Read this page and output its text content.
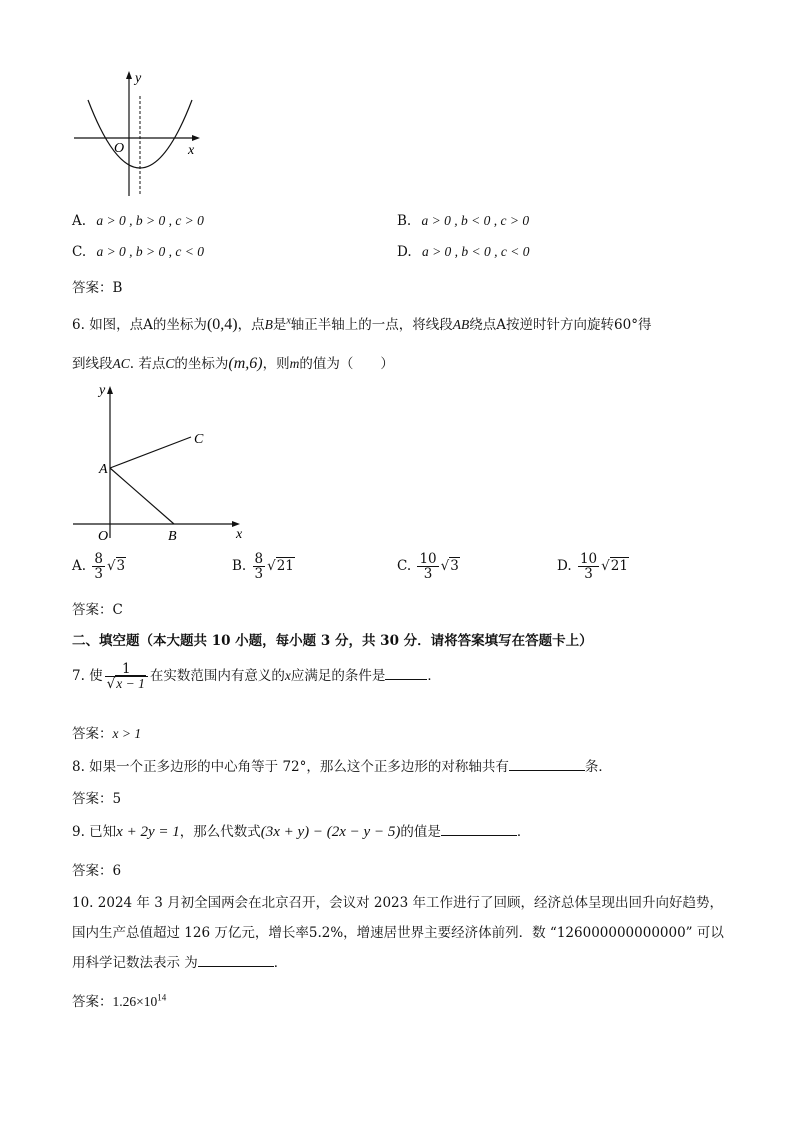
y
x
O
A. a > 0 , b > 0 , c > 0	B. a > 0 , b < 0 , c > 0
C. a > 0 , b > 0 , c < 0	D. a > 0 , b < 0 , c < 0
答案：B
6. 如图，点A的坐标为(0,4)，点B是$^x$轴正半轴上的一点，将线段AB绕点A按逆时针方向旋转60°得
到线段AC. 若点C的坐标为(m,6)，则m的值为（　　）
y
x
O
A
B
C
A. $\frac{8}{3} √3$	B. $\frac{8}{3} √21$	C. $\frac{10}{3} √3$	D. $\frac{10}{3} √21$
答案：C
二、填空题（本大题共 10 小题，每小题 3 分，共 30 分．请将答案填写在答题卡上）
7. 使 $\frac{1}{√x - 1}$ 在实数范围内有意义的x应满足的条件是	．
答案：x > 1
8. 如果一个正多边形的中心角等于 72°，那么这个正多边形的对称轴共有	条．
答案：5
9. 已知x + 2y = 1，那么代数式(3x + y) − (2x − y − 5)的值是	．
答案：6
10. 2024 年 3 月初全国两会在北京召开，会议对 2023 年工作进行了回顾，经济总体呈现出回升向好趋势，
国内生产总值超过 126 万亿元，增长率5.2%，增速居世界主要经济体前列．数 “126000000000000” 可以
用科学记数法表示 为	．
答案：$1.26\times 10^{14}$
